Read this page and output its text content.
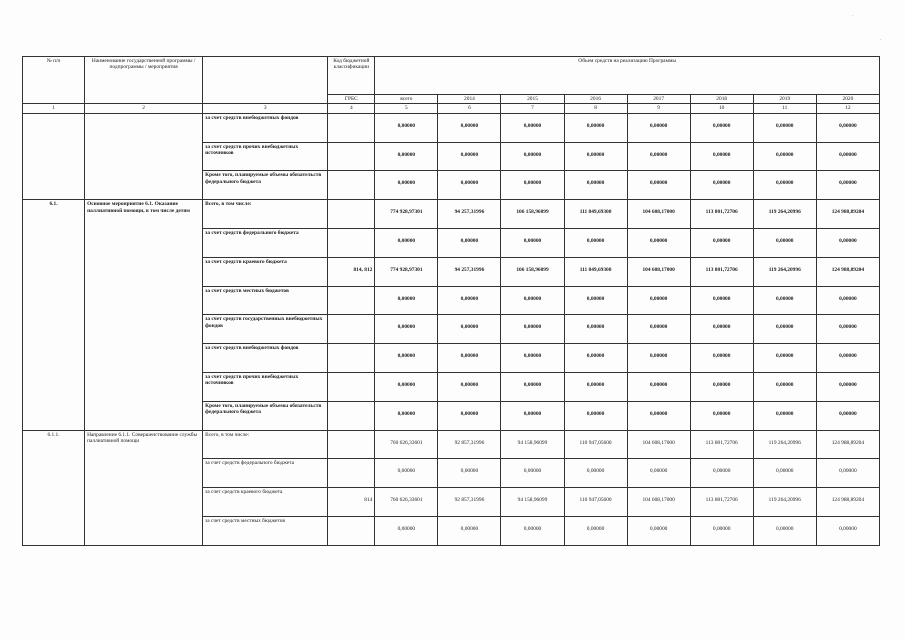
·
·
№ п/п	Наименование государственной программы / подпрограммы / мероприятия		Код бюджетной классификации	Объем средств на реализацию Программы							
			ГРБС	всего	2014	2015	2016	2017	2018	2019	2020
1	2	3	4	5	6	7	8	9	10	11	12
		за счет средств внебюджетных фондов		0,00000	0,00000	0,00000	0,00000	0,00000	0,00000	0,00000	0,00000

		за счет средств прочих внебюджетных источников		0,00000	0,00000	0,00000	0,00000	0,00000	0,00000	0,00000	0,00000

		Кроме того, планируемые объемы обязательств федерального бюджета		0,00000	0,00000	0,00000	0,00000	0,00000	0,00000	0,00000	0,00000

6.1.	Основное мероприятие 6.1. Оказание паллиативной помощи, в том числе детям	Всего, в том числе:		774 928,97301	94 257,31996	106 158,96099	111 849,69300	104 608,17000	113 801,72706	119 264,20996	124 988,89204

		за счет средств федерального бюджета		0,00000	0,00000	0,00000	0,00000	0,00000	0,00000	0,00000	0,00000

		за счет средств краевого бюджета	814, 812	774 928,97301	94 257,31996	106 158,96099	111 849,69300	104 608,17000	113 801,72706	119 264,20996	124 988,89204

		за счет средств местных бюджетов		0,00000	0,00000	0,00000	0,00000	0,00000	0,00000	0,00000	0,00000

		за счет средств государственных внебюджетных фондов		0,00000	0,00000	0,00000	0,00000	0,00000	0,00000	0,00000	0,00000

		за счет средств внебюджетных фондов		0,00000	0,00000	0,00000	0,00000	0,00000	0,00000	0,00000	0,00000

		за счет средств прочих внебюджетных источников		0,00000	0,00000	0,00000	0,00000	0,00000	0,00000	0,00000	0,00000

		Кроме того, планируемые объемы обязательств федерального бюджета		0,00000	0,00000	0,00000	0,00000	0,00000	0,00000	0,00000	0,00000

6.1.1.	Направление 6.1.1. Совершенствование службы паллиативной помощи	Всего, в том числе:		760 626,33601	92 857,31996	94 158,96099	110 947,05600	104 608,17000	113 801,72706	119 264,20996	124 988,89204

		за счет средств федерального бюджета		0,00000	0,00000	0,00000	0,00000	0,00000	0,00000	0,00000	0,00000

		за счет средств краевого бюджета	814	760 626,33601	92 857,31996	94 158,96099	110 947,05600	104 608,17000	113 801,72706	119 264,20996	124 988,89204

		за счет средств местных бюджетов		0,00000	0,00000	0,00000	0,00000	0,00000	0,00000	0,00000	0,00000
